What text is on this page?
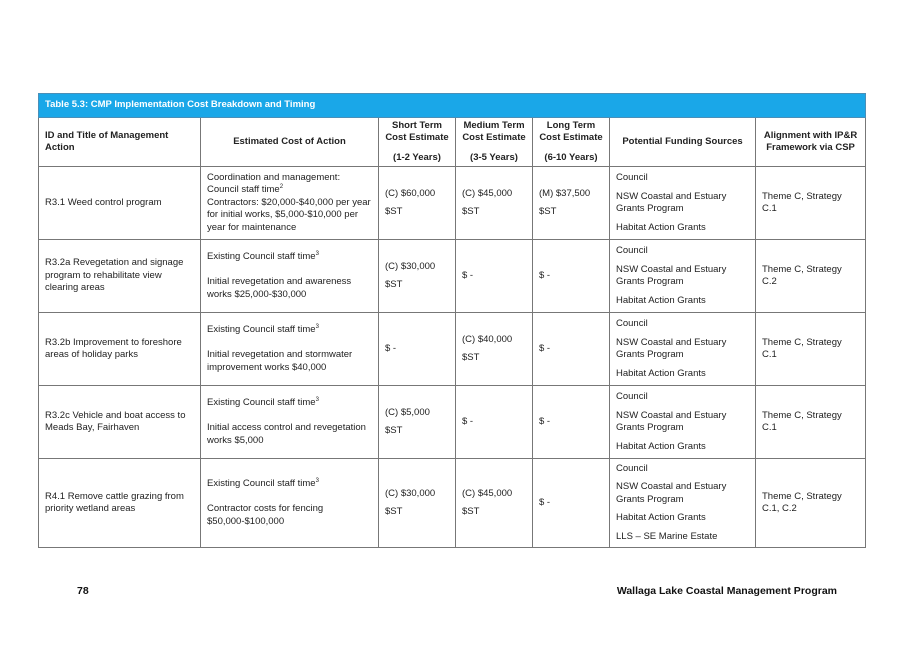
Table 5.3: CMP Implementation Cost Breakdown and Timing						
ID and Title of Management Action	Estimated Cost of Action	Short Term Cost Estimate
(1-2 Years)	Medium Term Cost Estimate
(3-5 Years)	Long Term Cost Estimate
(6-10 Years)	Potential Funding Sources	Alignment with IP&R Framework via CSP
R3.1 Weed control program	Coordination and management:
Council staff time$^2$
Contractors: $20,000-$40,000 per year for initial works, $5,000-$10,000 per year for maintenance	(C) $60,000
$ST	(C) $45,000
$ST	(M) $37,500
$ST	Council
NSW Coastal and Estuary Grants Program
Habitat Action Grants	Theme C, Strategy C.1
R3.2a Revegetation and signage program to rehabilitate view clearing areas	Existing Council staff time$^3$
Initial revegetation and awareness works $25,000-$30,000	(C) $30,000
$ST	$ -	$ -	Council
NSW Coastal and Estuary Grants Program
Habitat Action Grants	Theme C, Strategy C.2
R3.2b Improvement to foreshore areas of holiday parks	Existing Council staff time$^3$
Initial revegetation and stormwater improvement works $40,000	$ -	(C) $40,000
$ST	$ -	Council
NSW Coastal and Estuary Grants Program
Habitat Action Grants	Theme C, Strategy C.1
R3.2c Vehicle and boat access to Meads Bay, Fairhaven	Existing Council staff time$^3$
Initial access control and revegetation works $5,000	(C) $5,000
$ST	$ -	$ -	Council
NSW Coastal and Estuary Grants Program
Habitat Action Grants	Theme C, Strategy C.1
R4.1 Remove cattle grazing from priority wetland areas	Existing Council staff time$^3$
Contractor costs for fencing $50,000-$100,000	(C) $30,000
$ST	(C) $45,000
$ST	$ -	Council
NSW Coastal and Estuary Grants Program
Habitat Action Grants
LLS – SE Marine Estate	Theme C, Strategy C.1, C.2
78	Wallaga Lake Coastal Management Program
